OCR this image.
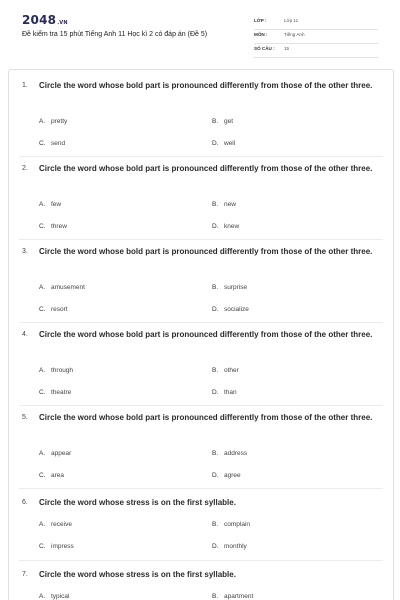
2048.VN
Đề kiểm tra 15 phút Tiếng Anh 11 Học kì 2 có đáp án (Đề 5)
LỚP :	Lớp 11
MÔN :	Tiếng Anh
SỐ CÂU : 15
1. Circle the word whose bold part is pronounced differently from those of the other three.
A. pretty	B. get
C. send	D. well
2. Circle the word whose bold part is pronounced differently from those of the other three.
A. few	B. new
C. threw	D. knew
3. Circle the word whose bold part is pronounced differently from those of the other three.
A. amusement	B. surprise
C. resort	D. socialize
4. Circle the word whose bold part is pronounced differently from those of the other three.
A. through	B. other
C. theatre	D. than
5. Circle the word whose bold part is pronounced differently from those of the other three.
A. appear	B. address
C. area	D. agree
6. Circle the word whose stress is on the first syllable.
A. receive	B. complain
C. impress	D. monthly
7. Circle the word whose stress is on the first syllable.
A. typical	B. apartment
